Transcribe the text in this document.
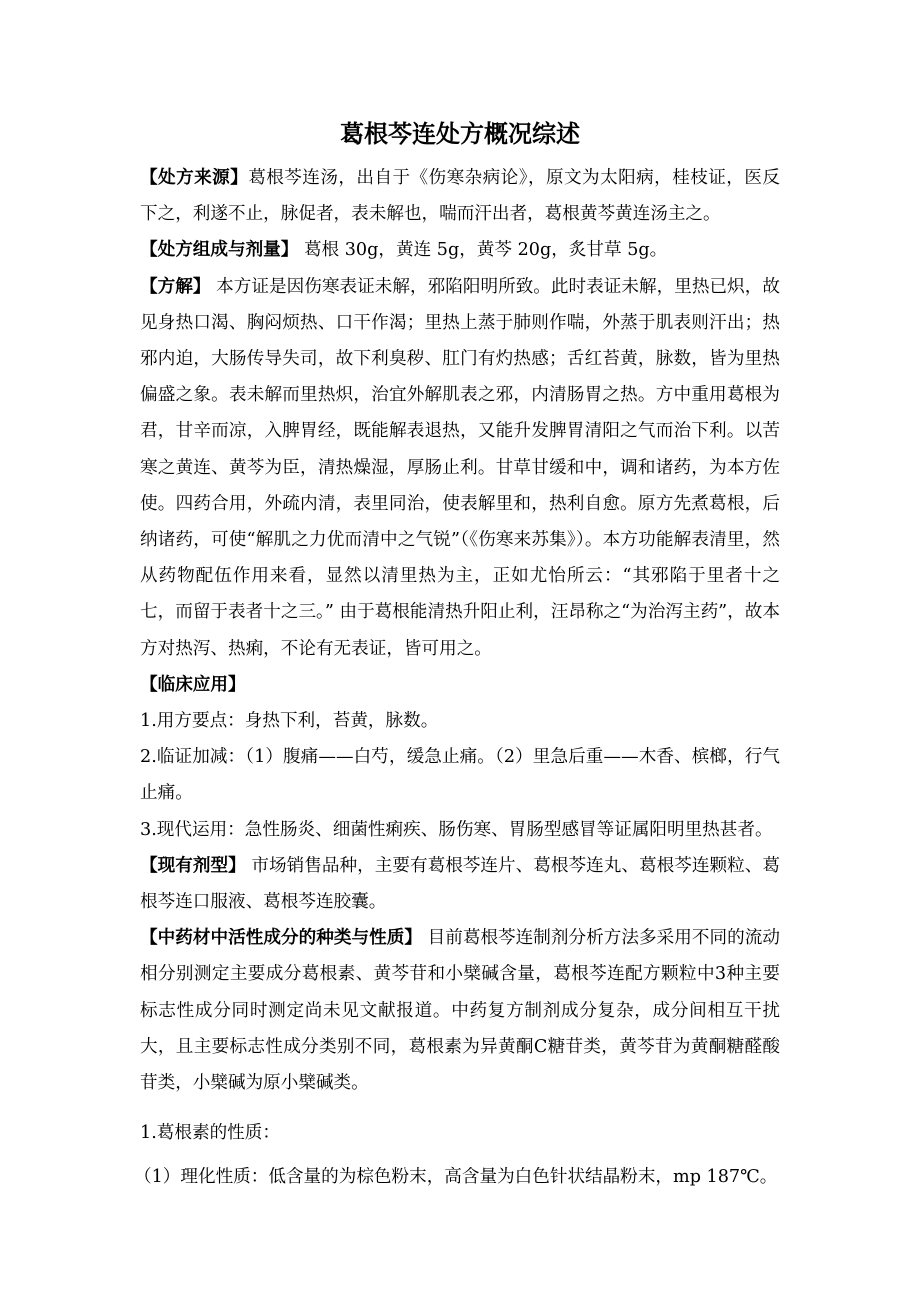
葛根芩连处方概况综述

【处方来源】葛根芩连汤，出自于《伤寒杂病论》，原文为太阳病，桂枝证，医反下之，利遂不止，脉促者，表未解也，喘而汗出者，葛根黄芩黄连汤主之。

【处方组成与剂量】 葛根 30g，黄连 5g，黄芩 20g，炙甘草 5g。

【方解】 本方证是因伤寒表证未解，邪陷阳明所致。此时表证未解，里热已炽，故见身热口渴、胸闷烦热、口干作渴；里热上蒸于肺则作喘，外蒸于肌表则汗出；热邪内迫，大肠传导失司，故下利臭秽、肛门有灼热感；舌红苔黄，脉数，皆为里热偏盛之象。表未解而里热炽，治宜外解肌表之邪，内清肠胃之热。方中重用葛根为君，甘辛而凉，入脾胃经，既能解表退热，又能升发脾胃清阳之气而治下利。以苦寒之黄连、黄芩为臣，清热燥湿，厚肠止利。甘草甘缓和中，调和诸药，为本方佐使。四药合用，外疏内清，表里同治，使表解里和，热利自愈。原方先煮葛根，后纳诸药，可使“解肌之力优而清中之气锐”（《伤寒来苏集》）。本方功能解表清里，然从药物配伍作用来看，显然以清里热为主，正如尤怡所云：“其邪陷于里者十之七，而留于表者十之三。” 由于葛根能清热升阳止利，汪昂称之“为治泻主药”，故本方对热泻、热痢，不论有无表证，皆可用之。

【临床应用】

1.用方要点：身热下利，苔黄，脉数。

2.临证加减：（1）腹痛——白芍，缓急止痛。（2）里急后重——木香、槟榔，行气止痛。

3.现代运用：急性肠炎、细菌性痢疾、肠伤寒、胃肠型感冒等证属阳明里热甚者。

【现有剂型】 市场销售品种，主要有葛根芩连片、葛根芩连丸、葛根芩连颗粒、葛根芩连口服液、葛根芩连胶囊。

【中药材中活性成分的种类与性质】 目前葛根芩连制剂分析方法多采用不同的流动相分别测定主要成分葛根素、黄芩苷和小檗碱含量，葛根芩连配方颗粒中3种主要标志性成分同时测定尚未见文献报道。中药复方制剂成分复杂，成分间相互干扰大，且主要标志性成分类别不同，葛根素为异黄酮C糖苷类，黄芩苷为黄酮糖醛酸苷类，小檗碱为原小檗碱类。

1.葛根素的性质：

（1）理化性质：低含量的为棕色粉末，高含量为白色针状结晶粉末，mp 187℃。
